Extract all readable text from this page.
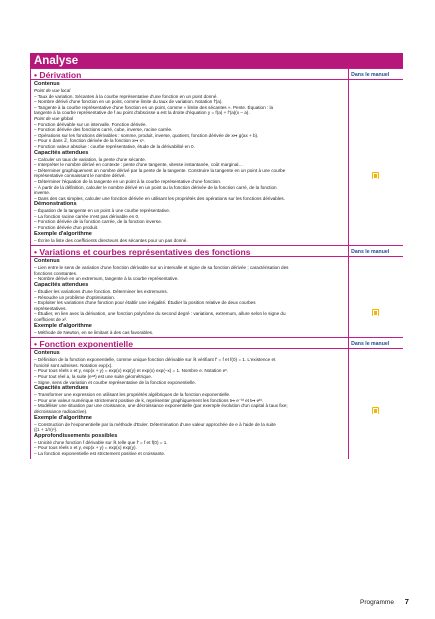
Analyse
• Dérivation
Contenus
Point de vue local
– Taux de variation. Sécantes à la courbe représentative d'une fonction en un point donné.
– Nombre dérivé d'une fonction en un point, comme limite du taux de variation. Notation f'(a).
– Tangente à la courbe représentative d'une fonction en un point, comme « limite des sécantes ». Pente. Équation : la
tangente à la courbe représentative de f au point d'abscisse a est la droite d'équation y = f(a) + f'(a)(x – a).
Point de vue global
– Fonction dérivable sur un intervalle. Fonction dérivée.
– Fonction dérivée des fonctions carré, cube, inverse, racine carrée.
– Opérations sur les fonctions dérivables : somme, produit, inverse, quotient, fonction dérivée de x↦ g(ax + b).
– Pour n dans ℤ, fonction dérivée de la fonction x↦ xⁿ.
– Fonction valeur absolue : courbe représentative, étude de la dérivabilité en 0.
Capacités attendues
– Calculer un taux de variation, la pente d'une sécante.
– Interpréter le nombre dérivé en contexte : pente d'une tangente, vitesse instantanée, coût marginal…
– Déterminer graphiquement un nombre dérivé par la pente de la tangente. Construire la tangente en un point à une courbe
représentative connaissant le nombre dérivé.
– Déterminer l'équation de la tangente en un point à la courbe représentative d'une fonction.
– À partir de la définition, calculer le nombre dérivé en un point ou la fonction dérivée de la fonction carré, de la fonction
inverse.
– Dans des cas simples, calculer une fonction dérivée en utilisant les propriétés des opérations sur les fonctions dérivables.
Démonstrations
– Équation de la tangente en un point à une courbe représentative.
– La fonction racine carrée n'est pas dérivable en 0.
– Fonction dérivée de la fonction carrée, de la fonction inverse.
– Fonction dérivée d'un produit.
Exemple d'algorithme
– Écrire la liste des coefficients directeurs des sécantes pour un pas donné.
Dans le manuel
• Variations et courbes représentatives des fonctions
Contenus
– Lien entre le sens de variation d'une fonction dérivable sur un intervalle et signe de sa fonction dérivée ; caractérisation des
fonctions constantes.
– Nombre dérivé en un extremum, tangente à la courbe représentative.
Capacités attendues
– Étudier les variations d'une fonction. Déterminer les extremums.
– Résoudre un problème d'optimisation.
– Exploiter les variations d'une fonction pour établir une inégalité. Étudier la position relative de deux courbes
représentatives.
– Étudier, en lien avec la dérivation, une fonction polynôme du second degré : variations, extremum, allure selon le signe du
coefficient de x².
Exemple d'algorithme
– Méthode de Newton, en se limitant à des cas favorables.
Dans le manuel
• Fonction exponentielle
Contenus
– Définition de la fonction exponentielle, comme unique fonction dérivable sur ℝ vérifiant f' = f et f(0) = 1. L'existence et
l'unicité sont admises. Notation exp(x).
– Pour tous réels x et y, exp(x + y) = exp(x) exp(y) et exp(x) exp(–x) = 1. Nombre e. Notation eˣ.
– Pour tout réel a, la suite (eⁿᵃ) est une suite géométrique.
– Signe, sens de variation et courbe représentative de la fonction exponentielle.
Capacités attendues
– Transformer une expression en utilisant les propriétés algébriques de la fonction exponentielle.
– Pour une valeur numérique strictement positive de k, représenter graphiquement les fonctions t↦ e⁻ᵏᵗ et t↦ eᵏᵗ.
– Modéliser une situation par une croissance, une décroissance exponentielle (par exemple évolution d'un capital à taux fixe;
décroissance radioactive).
Exemple d'algorithme
– Construction de l'exponentielle par la méthode d'Euler. Détermination d'une valeur approchée de e à l'aide de la suite
((1 + 1/n)ⁿ).
Approfondissements possibles
– Unicité d'une fonction f dérivable sur ℝ telle que f' = f et f(0) = 1.
– Pour tous réels x et y, exp(x + y) = exp(x) exp(y).
– La fonction exponentielle est strictement positive et croissante.
Dans le manuel
Programme 7
